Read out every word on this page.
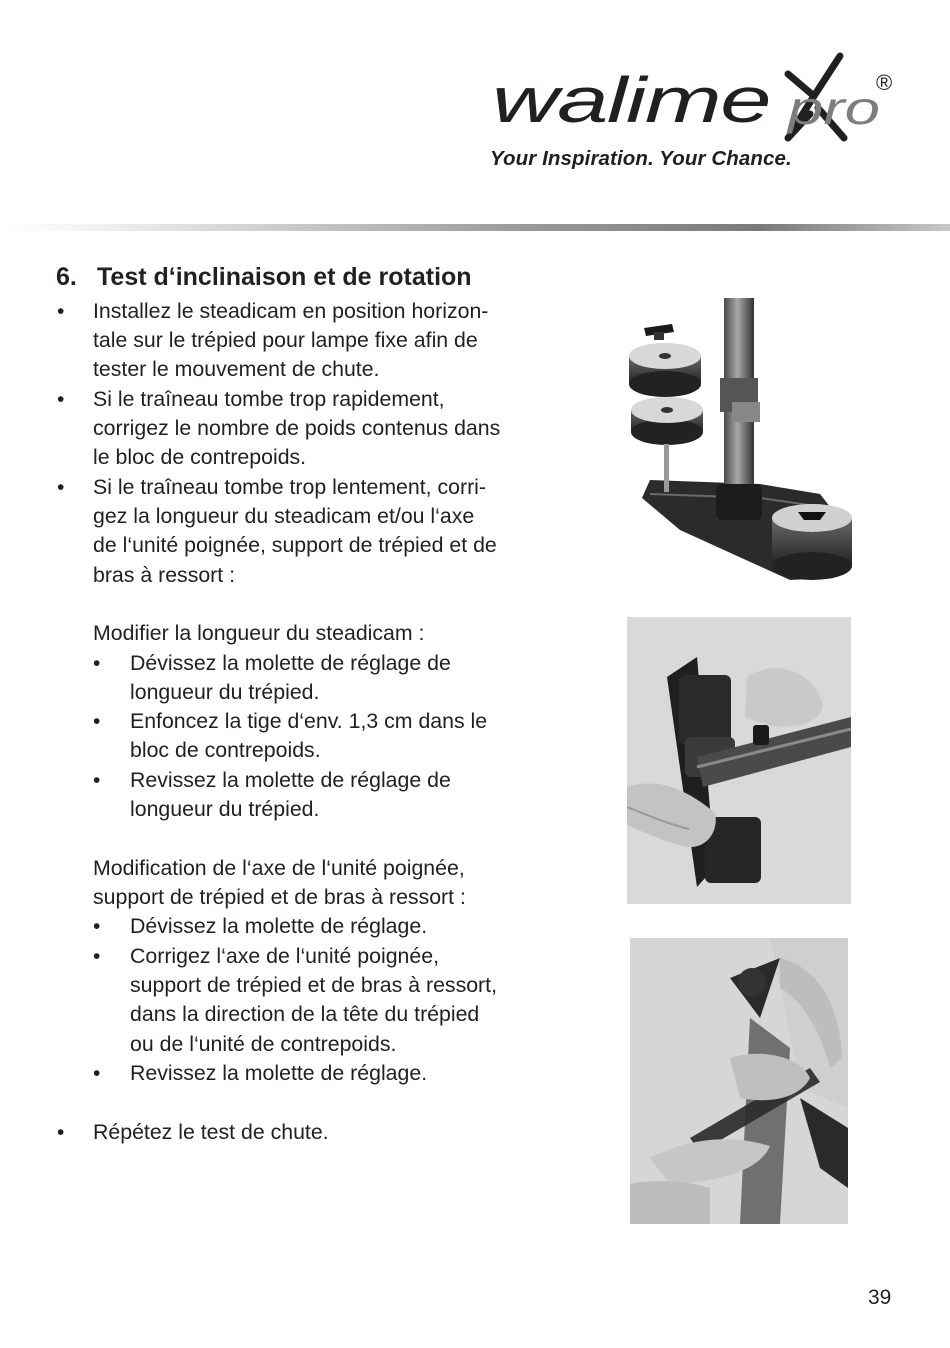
walime pro
®
Your Inspiration. Your Chance.
6. Test d‘inclinaison et de rotation
•
•
•
•
•
•
•
•
•
•
Installez le steadicam en position horizon-
tale sur le trépied pour lampe fixe afin de
tester le mouvement de chute.
Si le traîneau tombe trop rapidement,
corrigez le nombre de poids contenus dans
le bloc de contrepoids.
Si le traîneau tombe trop lentement, corri-
gez la longueur du steadicam et/ou l‘axe
de l‘unité poignée, support de trépied et de
bras à ressort :
Modifier la longueur du steadicam :
Dévissez la molette de réglage de
longueur du trépied.
Enfoncez la tige d‘env. 1,3 cm dans le
bloc de contrepoids.
Revissez la molette de réglage de
longueur du trépied.
Modification de l‘axe de l‘unité poignée,
support de trépied et de bras à ressort :
Dévissez la molette de réglage.
Corrigez l‘axe de l‘unité poignée,
support de trépied et de bras à ressort,
dans la direction de la tête du trépied
ou de l‘unité de contrepoids.
Revissez la molette de réglage.
Répétez le test de chute.
39
